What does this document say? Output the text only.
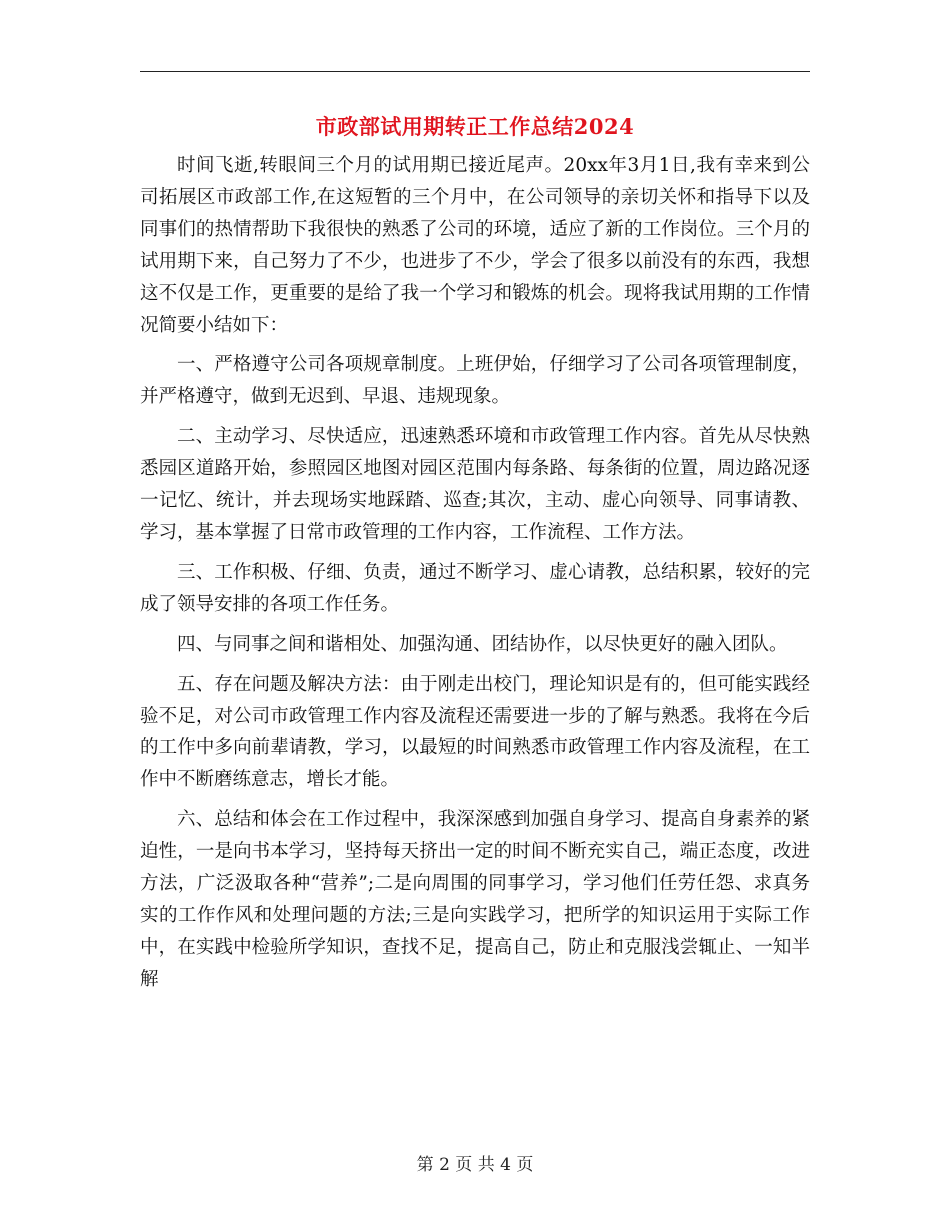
市政部试用期转正工作总结2024

时间飞逝,转眼间三个月的试用期已接近尾声。20xx年3月1日,我有幸来到公司拓展区市政部工作,在这短暂的三个月中，在公司领导的亲切关怀和指导下以及同事们的热情帮助下我很快的熟悉了公司的环境，适应了新的工作岗位。三个月的试用期下来，自己努力了不少，也进步了不少，学会了很多以前没有的东西，我想这不仅是工作，更重要的是给了我一个学习和锻炼的机会。现将我试用期的工作情况简要小结如下：

一、严格遵守公司各项规章制度。上班伊始，仔细学习了公司各项管理制度，并严格遵守，做到无迟到、早退、违规现象。

二、主动学习、尽快适应，迅速熟悉环境和市政管理工作内容。首先从尽快熟悉园区道路开始，参照园区地图对园区范围内每条路、每条街的位置，周边路况逐一记忆、统计，并去现场实地踩踏、巡查;其次，主动、虚心向领导、同事请教、学习，基本掌握了日常市政管理的工作内容，工作流程、工作方法。

三、工作积极、仔细、负责，通过不断学习、虚心请教，总结积累，较好的完成了领导安排的各项工作任务。

四、与同事之间和谐相处、加强沟通、团结协作，以尽快更好的融入团队。

五、存在问题及解决方法：由于刚走出校门，理论知识是有的，但可能实践经验不足，对公司市政管理工作内容及流程还需要进一步的了解与熟悉。我将在今后的工作中多向前辈请教，学习，以最短的时间熟悉市政管理工作内容及流程，在工作中不断磨练意志，增长才能。

六、总结和体会在工作过程中，我深深感到加强自身学习、提高自身素养的紧迫性，一是向书本学习，坚持每天挤出一定的时间不断充实自己，端正态度，改进方法，广泛汲取各种“营养”;二是向周围的同事学习，学习他们任劳任怨、求真务实的工作作风和处理问题的方法;三是向实践学习，把所学的知识运用于实际工作中，在实践中检验所学知识，查找不足，提高自己，防止和克服浅尝辄止、一知半解

第 2 页 共 4 页
